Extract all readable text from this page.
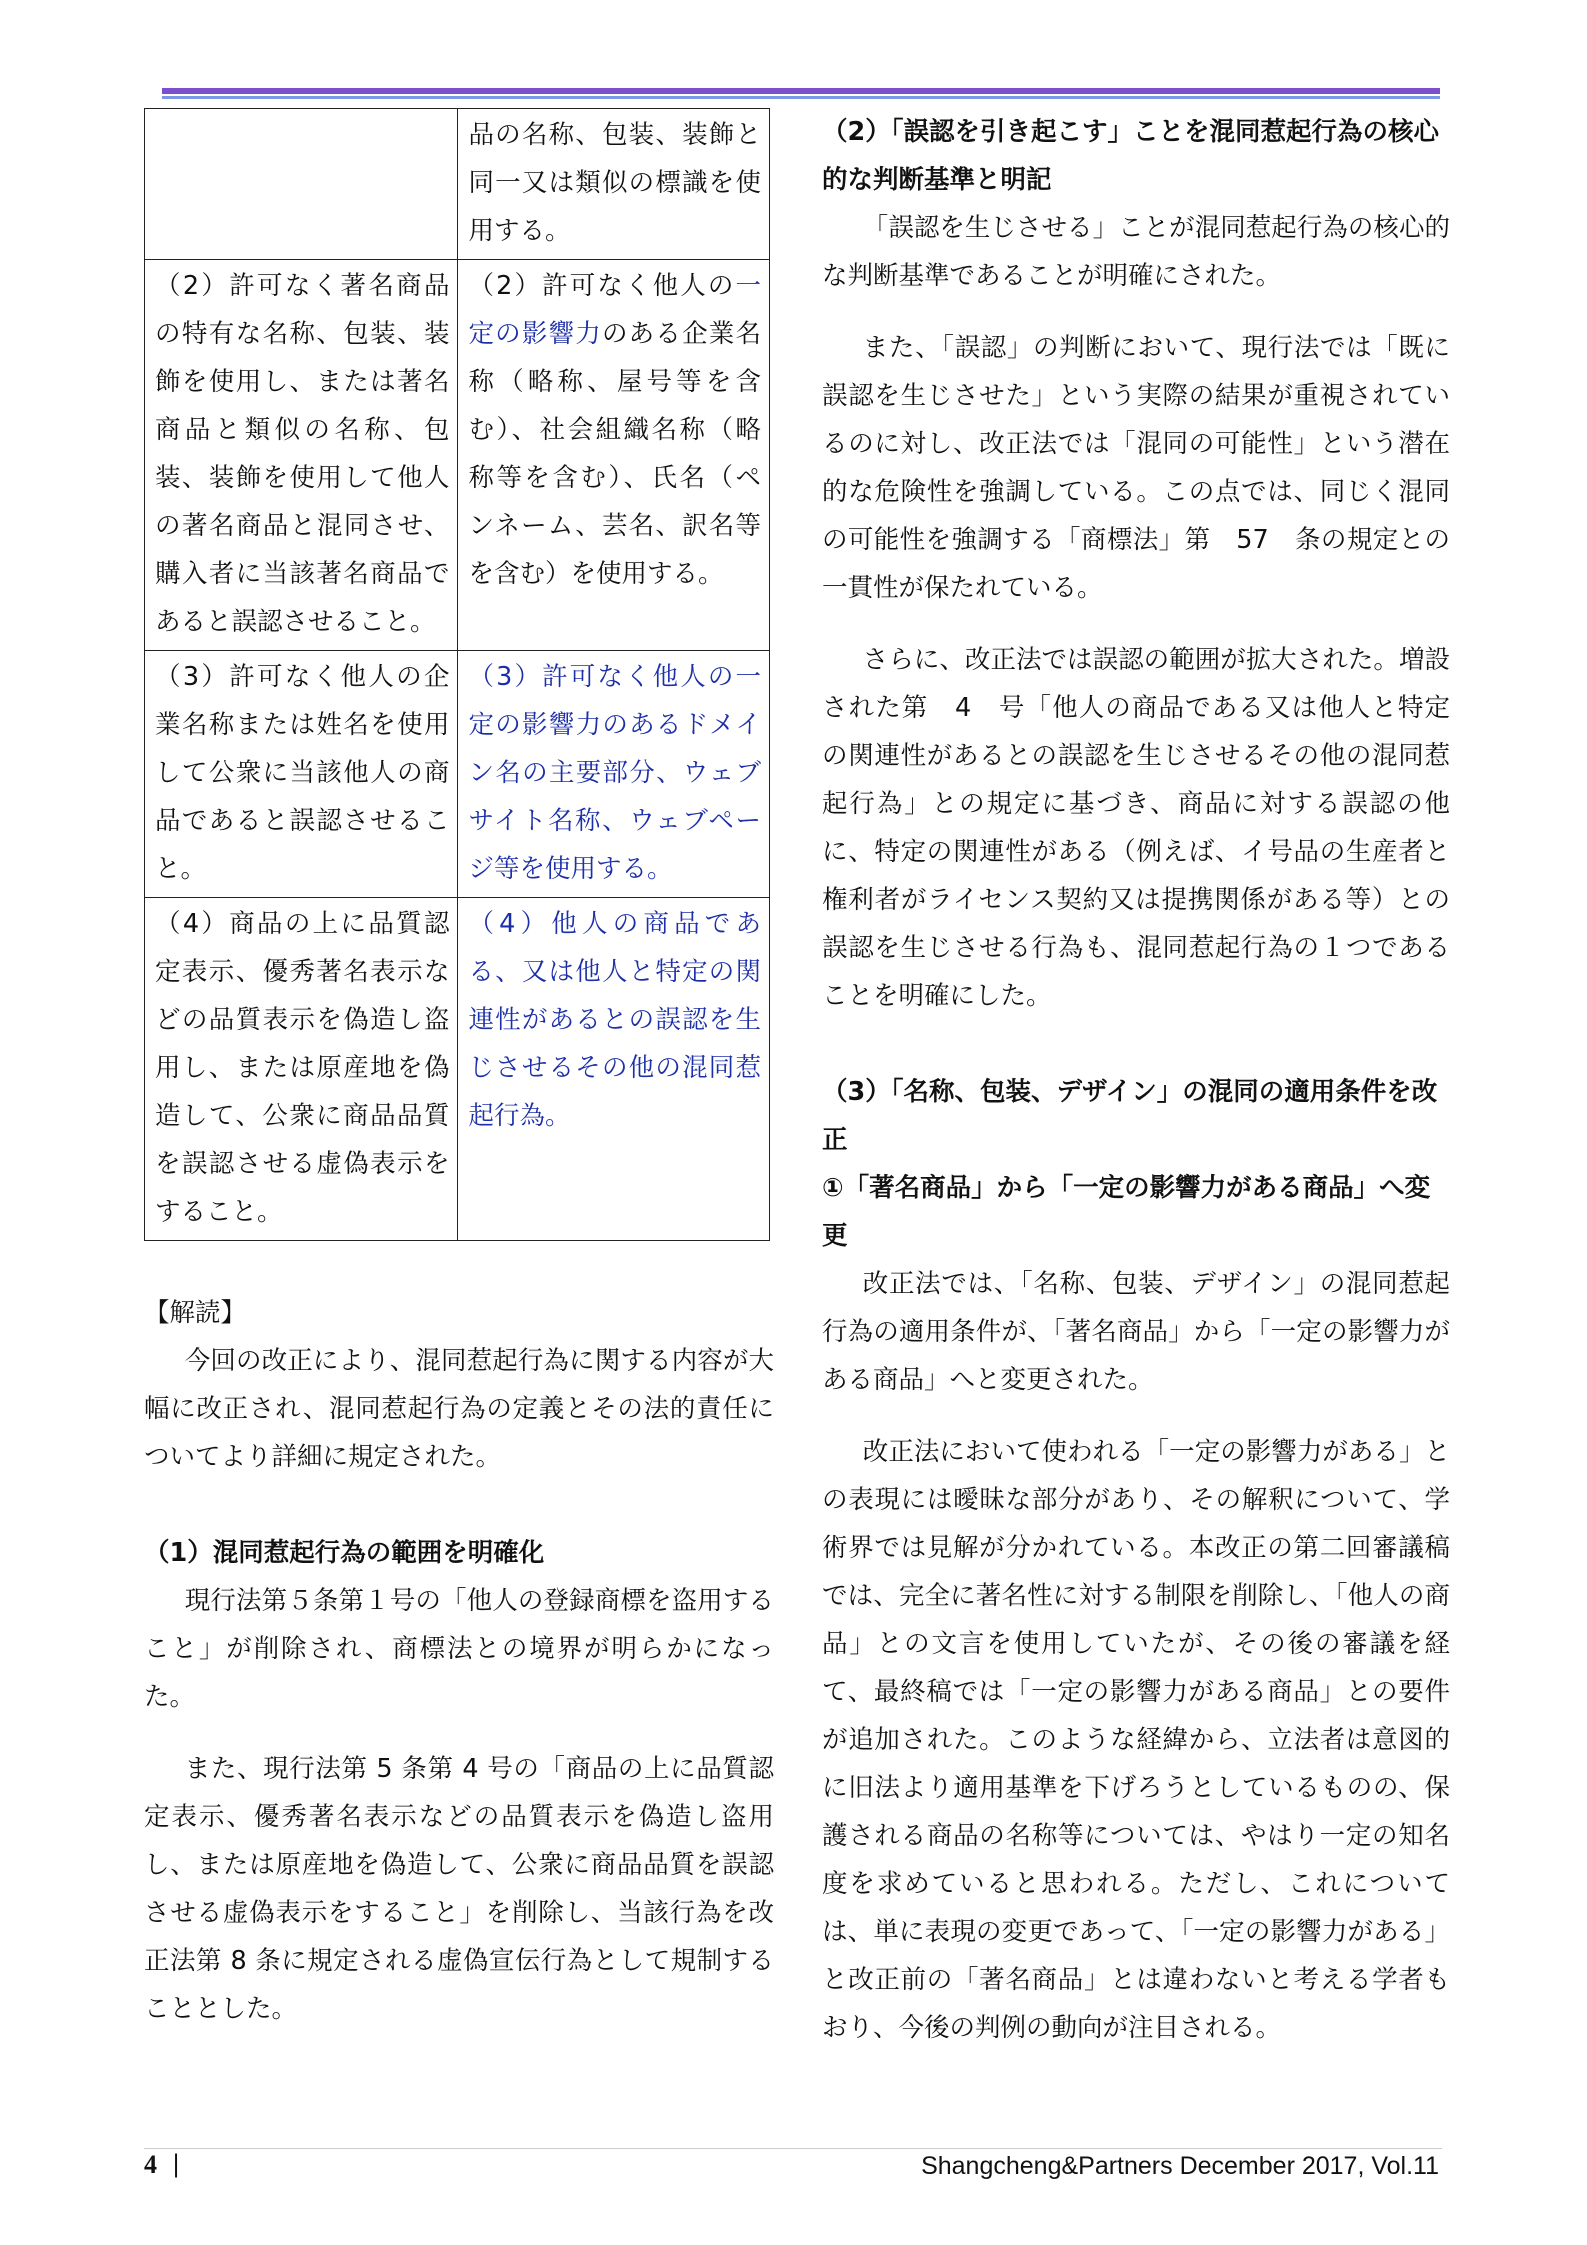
	品の名称、包装、装飾と同一又は類似の標識を使用する。
（2）許可なく著名商品の特有な名称、包装、装飾を使用し、または著名商品と類似の名称、包装、装飾を使用して他人の著名商品と混同させ、購入者に当該著名商品であると誤認させること。	（2）許可なく他人の一定の影響力のある企業名称（略称、屋号等を含む）、社会組織名称（略称等を含む）、氏名（ペンネーム、芸名、訳名等を含む）を使用する。
（3）許可なく他人の企業名称または姓名を使用して公衆に当該他人の商品であると誤認させること。	（3）許可なく他人の一定の影響力のあるドメイン名の主要部分、ウェブサイト名称、ウェブページ等を使用する。
（4）商品の上に品質認定表示、優秀著名表示などの品質表示を偽造し盗用し、または原産地を偽造して、公衆に商品品質を誤認させる虚偽表示をすること。	（4）他人の商品である、又は他人と特定の関連性があるとの誤認を生じさせるその他の混同惹起行為。

【解読】

今回の改正により、混同惹起行為に関する内容が大幅に改正され、混同惹起行為の定義とその法的責任についてより詳細に規定された。

（1）混同惹起行為の範囲を明確化

現行法第５条第１号の「他人の登録商標を盗用すること」が削除され、商標法との境界が明らかになった。

また、現行法第 5 条第 4 号の「商品の上に品質認定表示、優秀著名表示などの品質表示を偽造し盗用し、または原産地を偽造して、公衆に商品品質を誤認させる虚偽表示をすること」を削除し、当該行為を改正法第 8 条に規定される虚偽宣伝行為として規制することとした。

（2）「誤認を引き起こす」ことを混同惹起行為の核心的な判断基準と明記

「誤認を生じさせる」ことが混同惹起行為の核心的な判断基準であることが明確にされた。

また、「誤認」の判断において、現行法では「既に誤認を生じさせた」という実際の結果が重視されているのに対し、改正法では「混同の可能性」という潜在的な危険性を強調している。この点では、同じく混同の可能性を強調する「商標法」第　57　条の規定との一貫性が保たれている。

さらに、改正法では誤認の範囲が拡大された。増設された第　4　号「他人の商品である又は他人と特定の関連性があるとの誤認を生じさせるその他の混同惹起行為」との規定に基づき、商品に対する誤認の他に、特定の関連性がある（例えば、イ号品の生産者と権利者がライセンス契約又は提携関係がある等）との誤認を生じさせる行為も、混同惹起行為の１つであることを明確にした。

（3）「名称、包装、デザイン」の混同の適用条件を改正

①「著名商品」から「一定の影響力がある商品」へ変更

改正法では、「名称、包装、デザイン」の混同惹起行為の適用条件が、「著名商品」から「一定の影響力がある商品」へと変更された。

改正法において使われる「一定の影響力がある」との表現には曖昧な部分があり、その解釈について、学術界では見解が分かれている。本改正の第二回審議稿では、完全に著名性に対する制限を削除し、「他人の商品」との文言を使用していたが、その後の審議を経て、最終稿では「一定の影響力がある商品」との要件が追加された。このような経緯から、立法者は意図的に旧法より適用基準を下げろうとしているものの、保護される商品の名称等については、やはり一定の知名度を求めていると思われる。ただし、これについては、単に表現の変更であって、「一定の影響力がある」と改正前の「著名商品」とは違わないと考える学者もおり、今後の判例の動向が注目される。

4 |	Shangcheng&Partners December 2017, Vol.11
